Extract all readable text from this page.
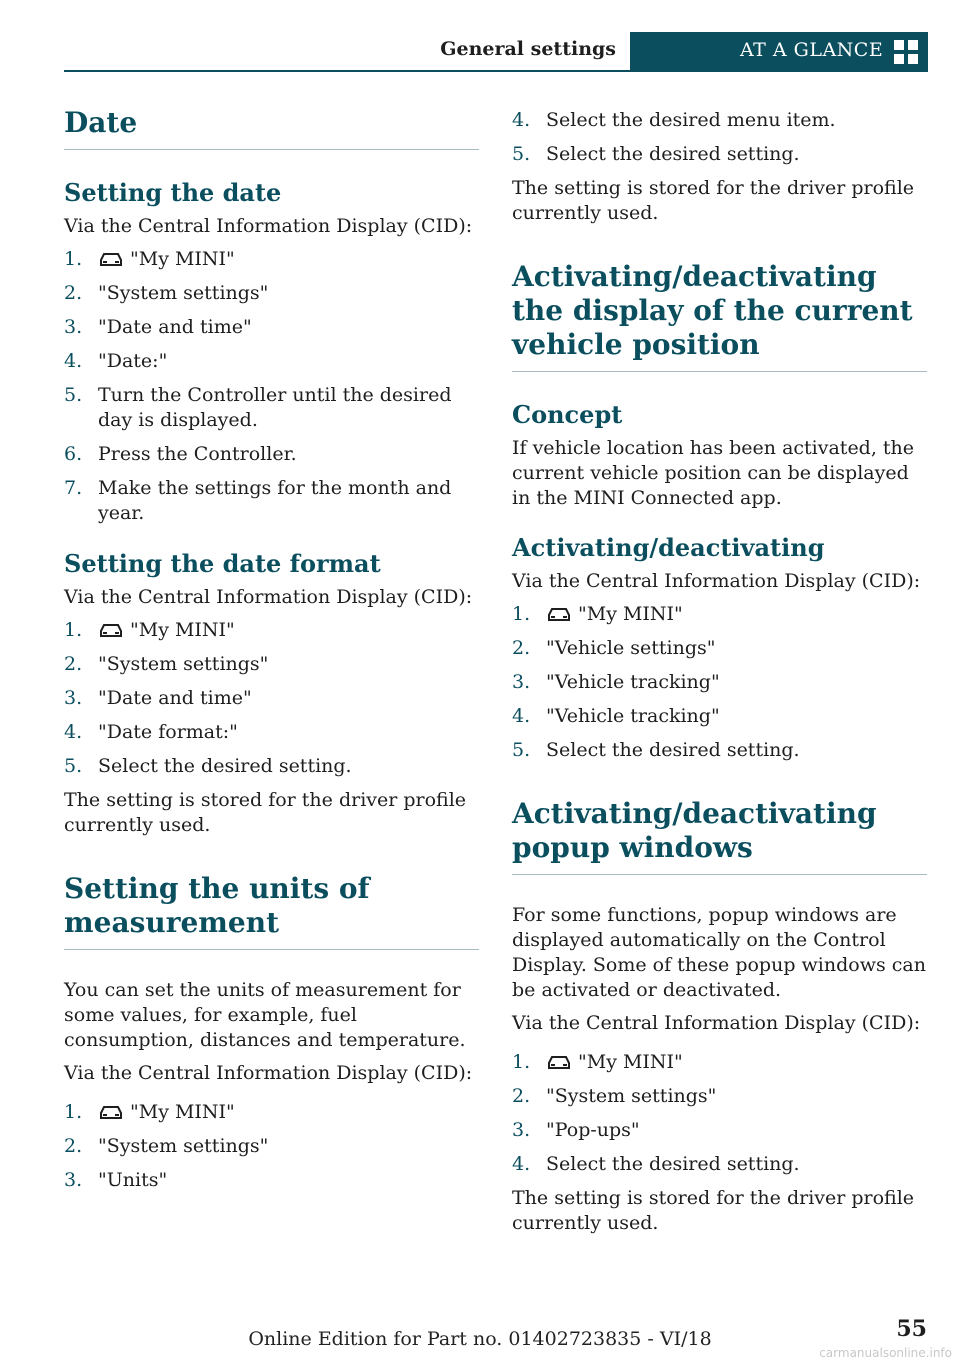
General settings	AT A GLANCE
Date
Setting the date

Via the Central Information Display (CID):

1.	"My MINI"
2. "System settings"
3. "Date and time"
4. "Date:"
5. Turn the Controller until the desired day is displayed.
6. Press the Controller.
7. Make the settings for the month and year.
Setting the date format

Via the Central Information Display (CID):

1.	"My MINI"
2. "System settings"
3. "Date and time"
4. "Date format:"
5. Select the desired setting.

The setting is stored for the driver profile currently used.

Setting the units of measurement

You can set the units of measurement for some values, for example, fuel consumption, distances and temperature.

Via the Central Information Display (CID):

1.	"My MINI"
2. "System settings"
3. "Units"
4. Select the desired menu item.
5. Select the desired setting.

The setting is stored for the driver profile currently used.

Activating/deactivating the display of the current vehicle position
Concept

If vehicle location has been activated, the current vehicle position can be displayed in the MINI Connected app.

Activating/deactivating

Via the Central Information Display (CID):

1.	"My MINI"
2. "Vehicle settings"
3. "Vehicle tracking"
4. "Vehicle tracking"
5. Select the desired setting.
Activating/deactivating popup windows

For some functions, popup windows are displayed automatically on the Control Display. Some of these popup windows can be activated or deactivated.

Via the Central Information Display (CID):

1.	"My MINI"
2. "System settings"
3. "Pop-ups"
4. Select the desired setting.

The setting is stored for the driver profile currently used.

Online Edition for Part no. 01402723835 - VI/18	55
carmanualsonline.info
